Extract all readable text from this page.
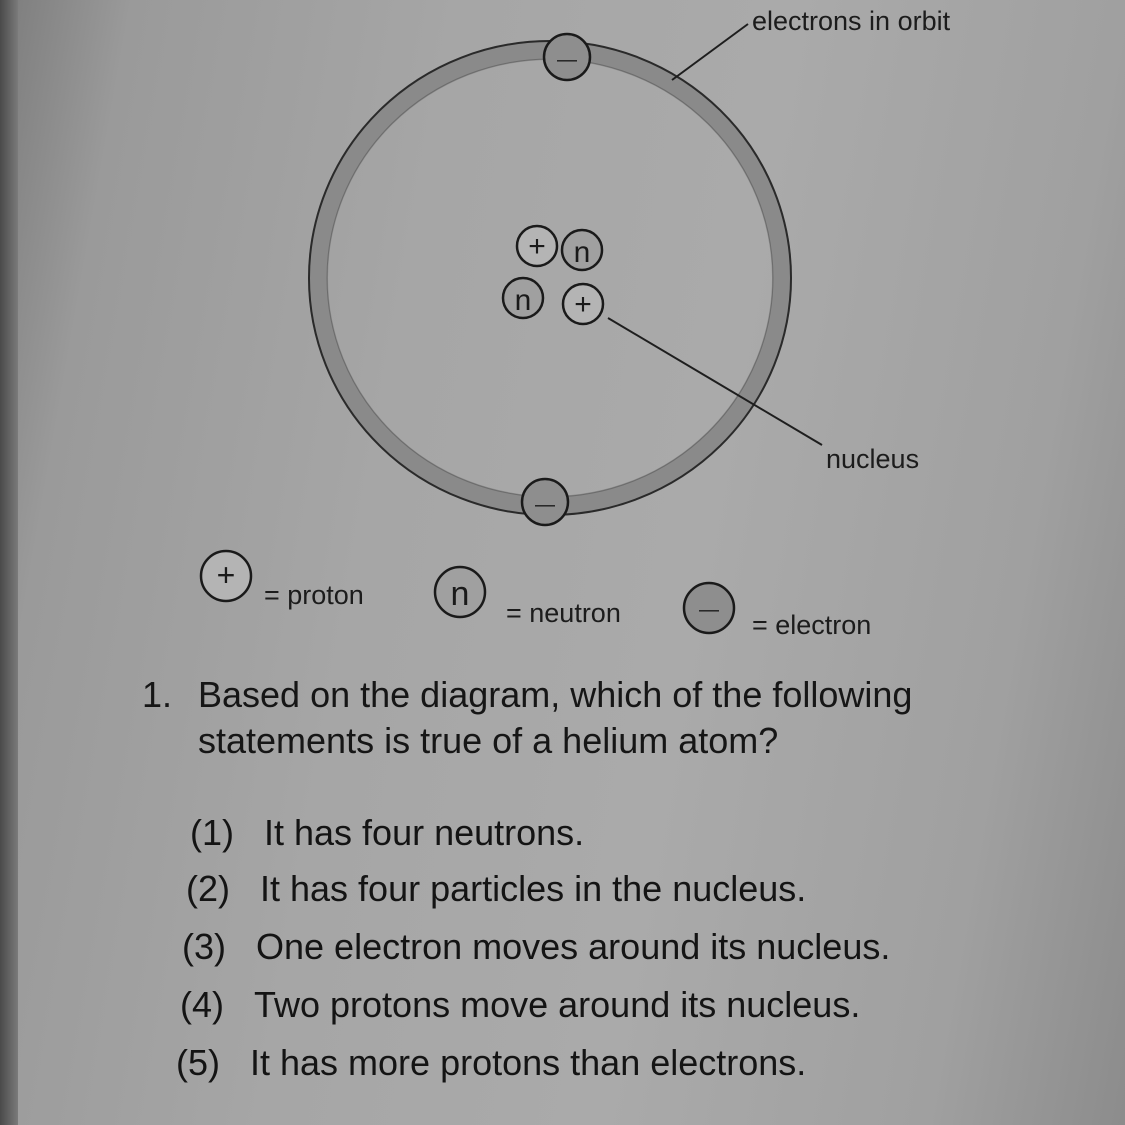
—
—
+ n
n +
+	n	—
electrons in orbit
nucleus
= proton
= neutron	= electron
1. Based on the diagram, which of the following statements is true of a helium atom?
(1) It has four neutrons.
(2) It has four particles in the nucleus.
(3) One electron moves around its nucleus.
(4) Two protons move around its nucleus.
(5) It has more protons than electrons.
